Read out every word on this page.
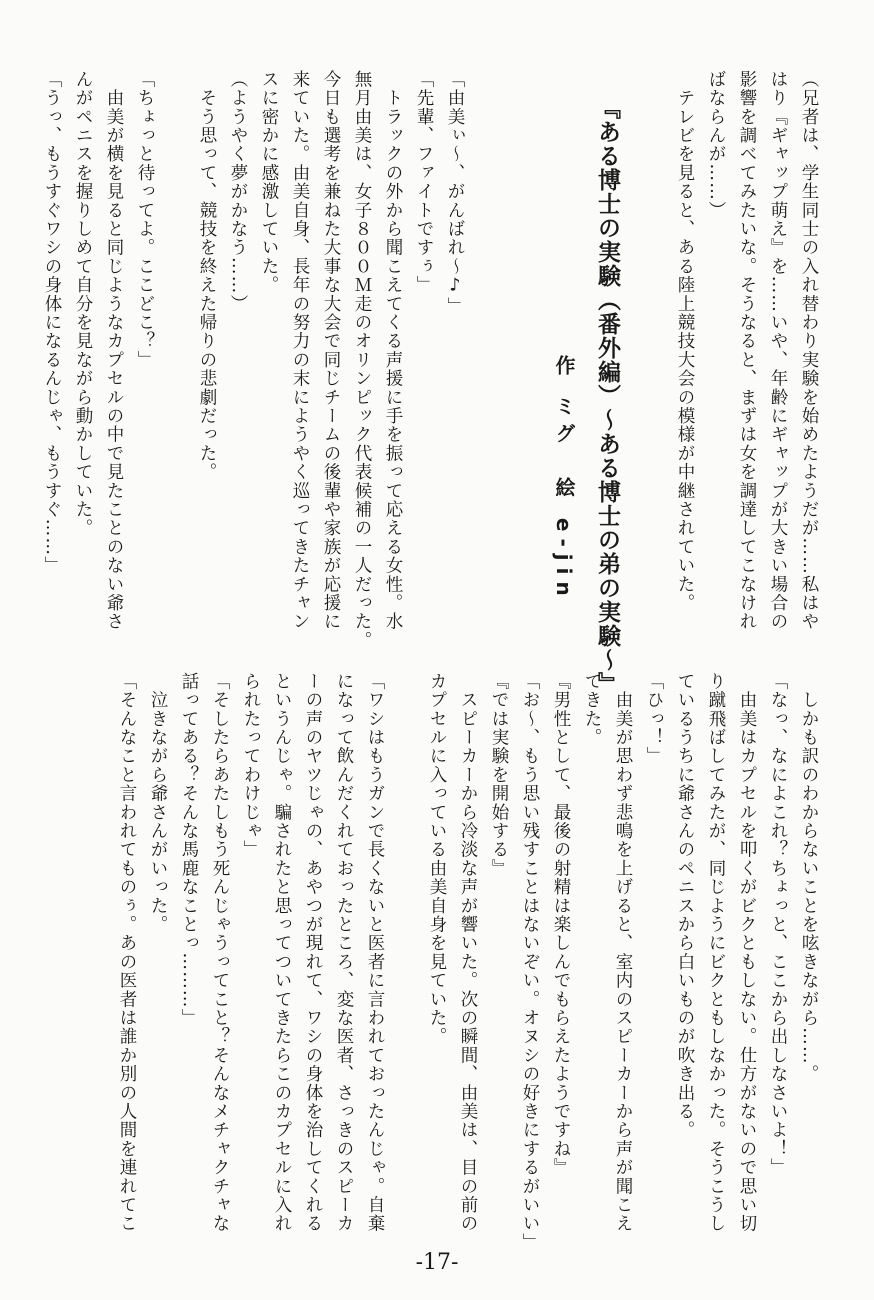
（兄者は、学生同士の入れ替わり実験を始めたようだが……私はや
はり『ギャップ萌え』を……いや、年齢にギャップが大きい場合の
影響を調べてみたいな。そうなると、まずは女を調達してこなけれ
ばならんが……）
　テレビを見ると、ある陸上競技大会の模様が中継されていた。
『ある博士の実験（番外編）〜ある博士の弟の実験〜』
作 ミグ　絵 e-jin
「由美ぃ〜、がんばれ〜♪」
「先輩、ファイトですぅ」
　トラックの外から聞こえてくる声援に手を振って応える女性。水
無月由美は、女子８００Ｍ走のオリンピック代表候補の一人だった。
今日も選考を兼ねた大事な大会で同じチームの後輩や家族が応援に
来ていた。由美自身、長年の努力の末にようやく巡ってきたチャン
スに密かに感激していた。
（ようやく夢がかなう……）
　そう思って、競技を終えた帰りの悲劇だった。

「ちょっと待ってよ。ここどこ？」
　由美が横を見ると同じようなカプセルの中で見たことのない爺さ
んがペニスを握りしめて自分を見ながら動かしていた。
「うっ、もうすぐワシの身体になるんじゃ、もうすぐ……」
　しかも訳のわからないことを呟きながら……。
「なっ、なによこれ？ちょっと、ここから出しなさいよ！」
　由美はカプセルを叩くがビクともしない。仕方がないので思い切
り蹴飛ばしてみたが、同じようにビクともしなかった。そうこうし
ているうちに爺さんのペニスから白いものが吹き出る。
「ひっ！」
　由美が思わず悲鳴を上げると、室内のスピーカーから声が聞こえ
てきた。
『男性として、最後の射精は楽しんでもらえたようですね』
「お〜、もう思い残すことはないぞい。オヌシの好きにするがいい」
『では実験を開始する』
　スピーカーから冷淡な声が響いた。次の瞬間、由美は、目の前の
カプセルに入っている由美自身を見ていた。

「ワシはもうガンで長くないと医者に言われておったんじゃ。自棄
になって飲んだくれておったところ、変な医者、さっきのスピーカ
ーの声のヤツじゃの、あやつが現れて、ワシの身体を治してくれる
というんじゃ。騙されたと思ってついてきたらこのカプセルに入れ
られたってわけじゃ」
「そしたらあたしもう死んじゃうってこと？そんなメチャクチャな
話ってある？そんな馬鹿なことっ………」
　泣きながら爺さんがいった。
「そんなこと言われてものぅ。あの医者は誰か別の人間を連れてこ
-17-
